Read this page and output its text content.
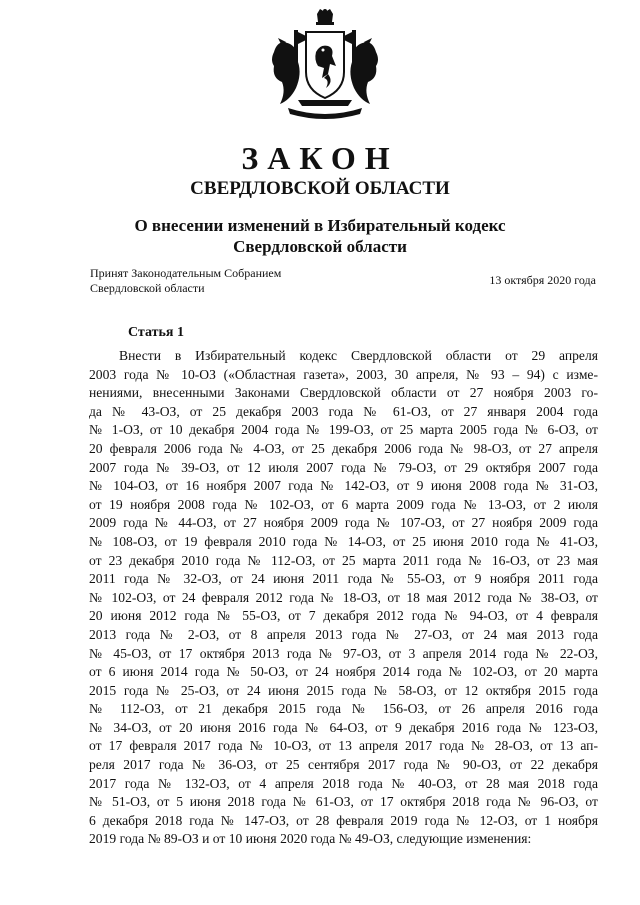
ЗАКОН
СВЕРДЛОВСКОЙ ОБЛАСТИ
О внесении изменений в Избирательный кодекс
Свердловской области
Принят Законодательным Собранием
Свердловской области
13 октября 2020 года
Статья 1
Внести в Избирательный кодекс Свердловской области от 29 апреля
2003 года № 10-ОЗ («Областная газета», 2003, 30 апреля, № 93 – 94) с изме-
нениями, внесенными Законами Свердловской области от 27 ноября 2003 го-
да № 43-ОЗ, от 25 декабря 2003 года № 61-ОЗ, от 27 января 2004 года
№ 1-ОЗ, от 10 декабря 2004 года № 199-ОЗ, от 25 марта 2005 года № 6-ОЗ, от
20 февраля 2006 года № 4-ОЗ, от 25 декабря 2006 года № 98-ОЗ, от 27 апреля
2007 года № 39-ОЗ, от 12 июля 2007 года № 79-ОЗ, от 29 октября 2007 года
№ 104-ОЗ, от 16 ноября 2007 года № 142-ОЗ, от 9 июня 2008 года № 31-ОЗ,
от 19 ноября 2008 года № 102-ОЗ, от 6 марта 2009 года № 13-ОЗ, от 2 июля
2009 года № 44-ОЗ, от 27 ноября 2009 года № 107-ОЗ, от 27 ноября 2009 года
№ 108-ОЗ, от 19 февраля 2010 года № 14-ОЗ, от 25 июня 2010 года № 41-ОЗ,
от 23 декабря 2010 года № 112-ОЗ, от 25 марта 2011 года № 16-ОЗ, от 23 мая
2011 года № 32-ОЗ, от 24 июня 2011 года № 55-ОЗ, от 9 ноября 2011 года
№ 102-ОЗ, от 24 февраля 2012 года № 18-ОЗ, от 18 мая 2012 года № 38-ОЗ, от
20 июня 2012 года № 55-ОЗ, от 7 декабря 2012 года № 94-ОЗ, от 4 февраля
2013 года № 2-ОЗ, от 8 апреля 2013 года № 27-ОЗ, от 24 мая 2013 года
№ 45-ОЗ, от 17 октября 2013 года № 97-ОЗ, от 3 апреля 2014 года № 22-ОЗ,
от 6 июня 2014 года № 50-ОЗ, от 24 ноября 2014 года № 102-ОЗ, от 20 марта
2015 года № 25-ОЗ, от 24 июня 2015 года № 58-ОЗ, от 12 октября 2015 года
№ 112-ОЗ, от 21 декабря 2015 года № 156-ОЗ, от 26 апреля 2016 года
№ 34-ОЗ, от 20 июня 2016 года № 64-ОЗ, от 9 декабря 2016 года № 123-ОЗ,
от 17 февраля 2017 года № 10-ОЗ, от 13 апреля 2017 года № 28-ОЗ, от 13 ап-
реля 2017 года № 36-ОЗ, от 25 сентября 2017 года № 90-ОЗ, от 22 декабря
2017 года № 132-ОЗ, от 4 апреля 2018 года № 40-ОЗ, от 28 мая 2018 года
№ 51-ОЗ, от 5 июня 2018 года № 61-ОЗ, от 17 октября 2018 года № 96-ОЗ, от
6 декабря 2018 года № 147-ОЗ, от 28 февраля 2019 года № 12-ОЗ, от 1 ноября
2019 года № 89-ОЗ и от 10 июня 2020 года № 49-ОЗ, следующие изменения:
